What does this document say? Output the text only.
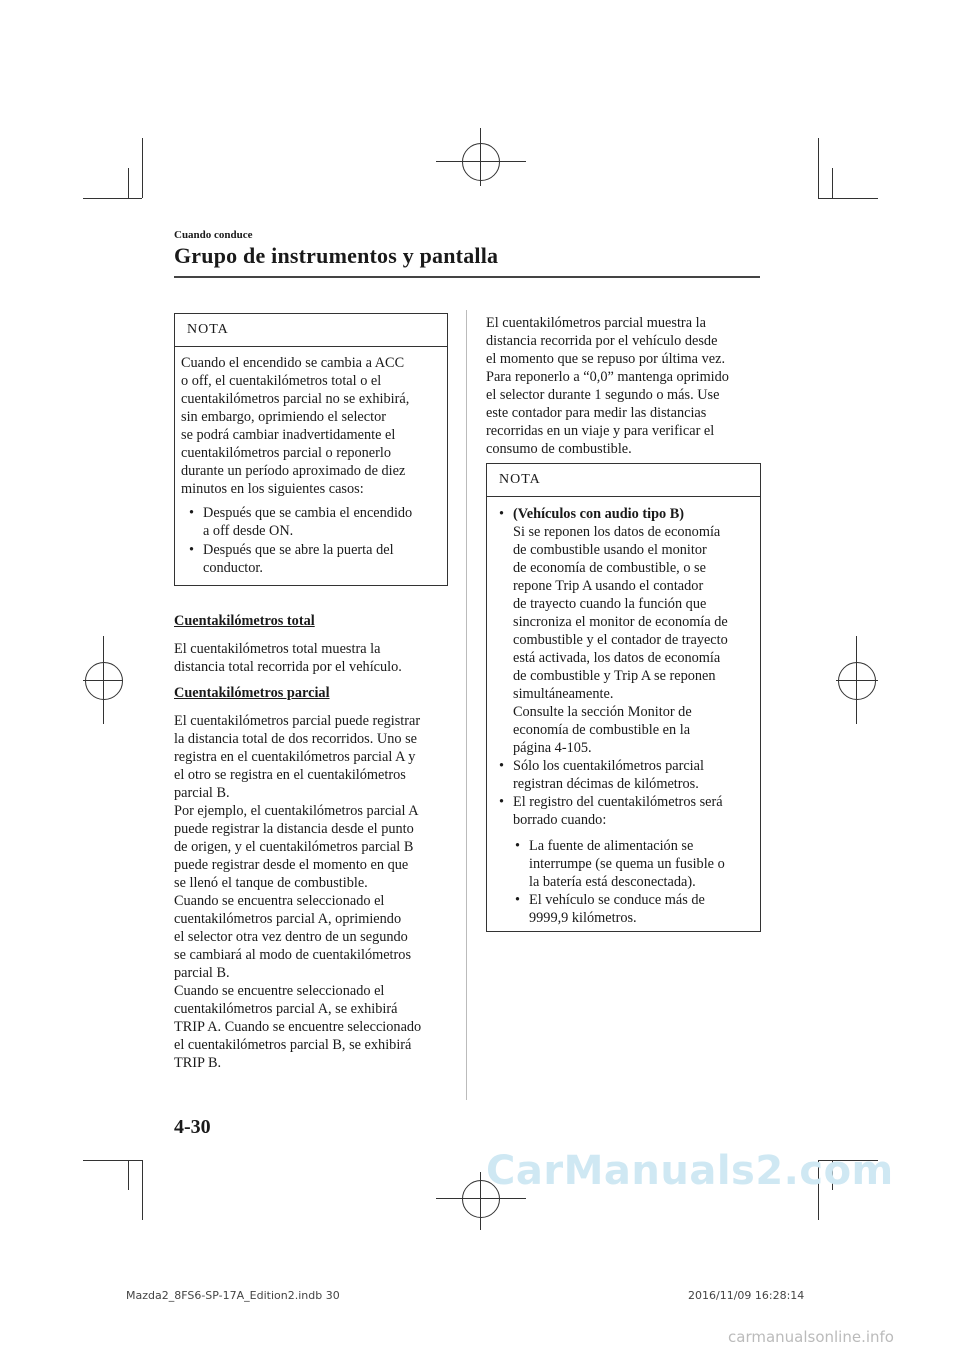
Cuando conduce
Grupo de instrumentos y pantalla
NOTA
Cuando el encendido se cambia a ACC
o off, el cuentakilómetros total o el
cuentakilómetros parcial no se exhibirá,
sin embargo, oprimiendo el selector
se podrá cambiar inadvertidamente el
cuentakilómetros parcial o reponerlo
durante un período aproximado de diez
minutos en los siguientes casos:
• Después que se cambia el encendido
a off desde ON.
• Después que se abre la puerta del
conductor.
Cuentakilómetros total
El cuentakilómetros total muestra la
distancia total recorrida por el vehículo.
Cuentakilómetros parcial
El cuentakilómetros parcial puede registrar
la distancia total de dos recorridos. Uno se
registra en el cuentakilómetros parcial A y
el otro se registra en el cuentakilómetros
parcial B.
Por ejemplo, el cuentakilómetros parcial A
puede registrar la distancia desde el punto
de origen, y el cuentakilómetros parcial B
puede registrar desde el momento en que
se llenó el tanque de combustible.
Cuando se encuentra seleccionado el
cuentakilómetros parcial A, oprimiendo
el selector otra vez dentro de un segundo
se cambiará al modo de cuentakilómetros
parcial B.
Cuando se encuentre seleccionado el
cuentakilómetros parcial A, se exhibirá
TRIP A. Cuando se encuentre seleccionado
el cuentakilómetros parcial B, se exhibirá
TRIP B.
El cuentakilómetros parcial muestra la
distancia recorrida por el vehículo desde
el momento que se repuso por última vez.
Para reponerlo a “0,0” mantenga oprimido
el selector durante 1 segundo o más. Use
este contador para medir las distancias
recorridas en un viaje y para verificar el
consumo de combustible.
NOTA
• (Vehículos con audio tipo B)
Si se reponen los datos de economía
de combustible usando el monitor
de economía de combustible, o se
repone Trip A usando el contador
de trayecto cuando la función que
sincroniza el monitor de economía de
combustible y el contador de trayecto
está activada, los datos de economía
de combustible y Trip A se reponen
simultáneamente.
Consulte la sección Monitor de
economía de combustible en la
página 4-105.
• Sólo los cuentakilómetros parcial
registran décimas de kilómetros.
• El registro del cuentakilómetros será
borrado cuando:
• La fuente de alimentación se
interrumpe (se quema un fusible o
la batería está desconectada).
• El vehículo se conduce más de
9999,9 kilómetros.
4-30
CarManuals2.com
Mazda2_8FS6-SP-17A_Edition2.indb 30	2016/11/09 16:28:14
carmanualsonline.info
